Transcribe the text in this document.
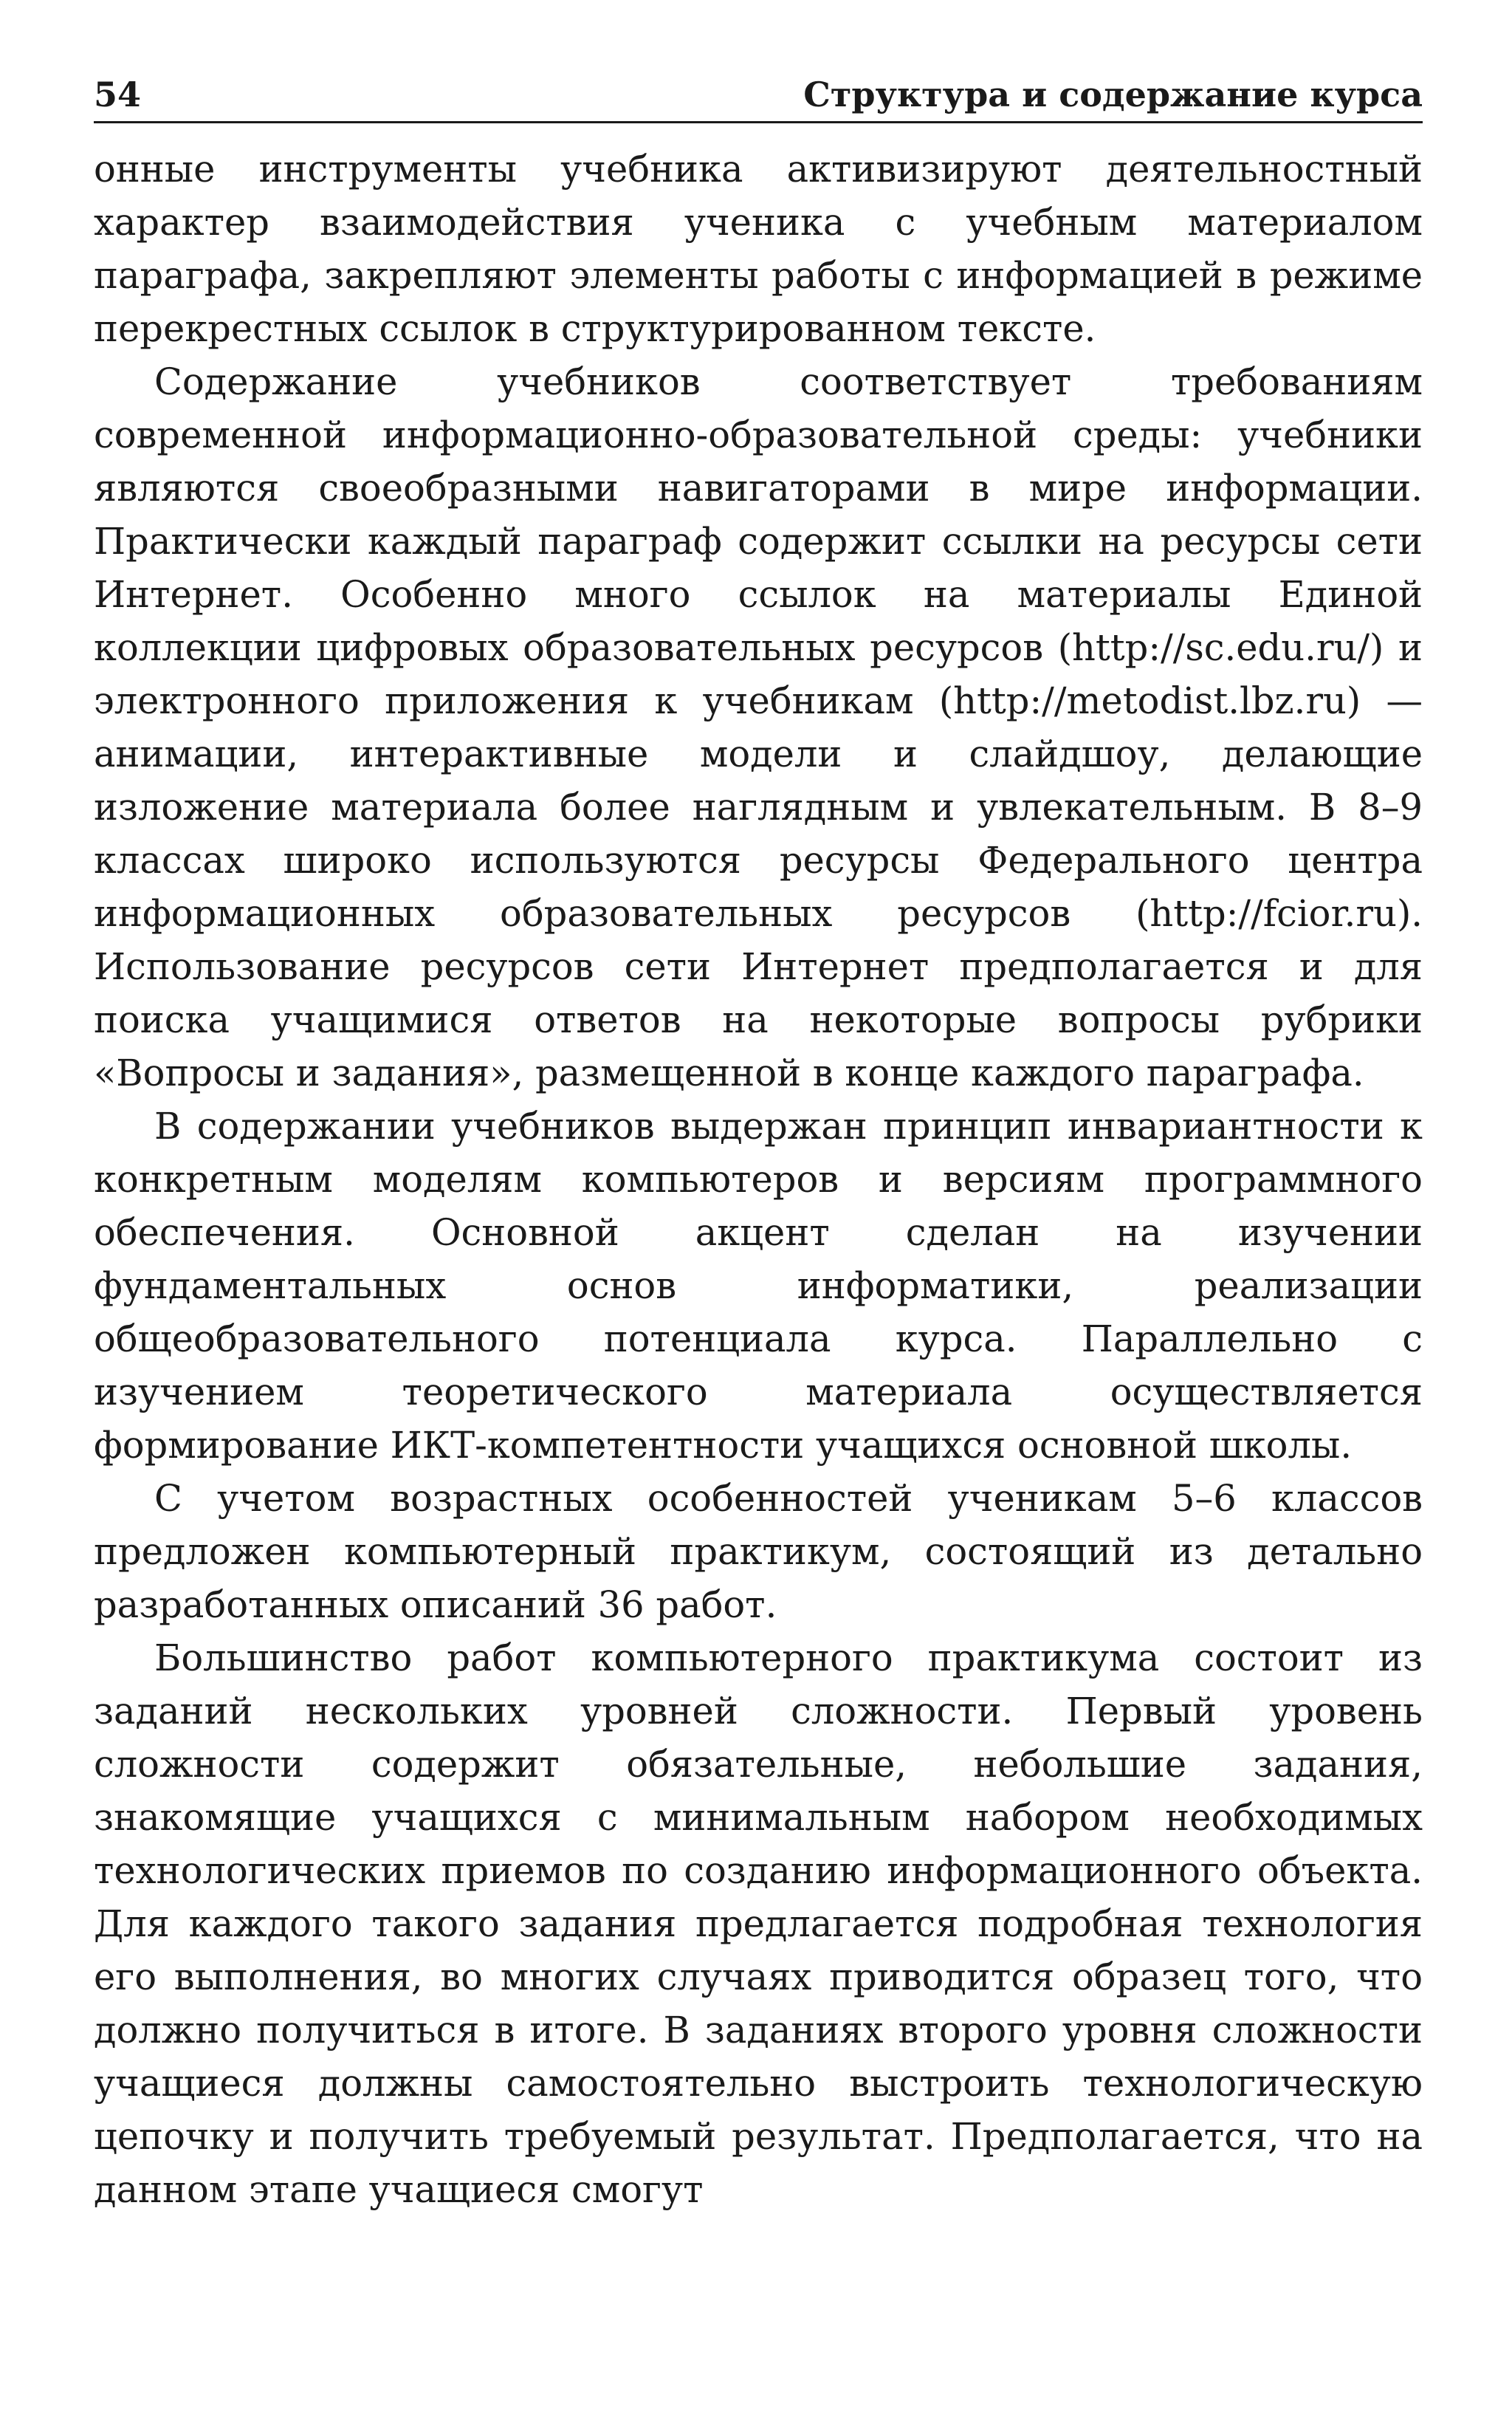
54	Структура и содержание курса

онные инструменты учебника активизируют деятельностный характер взаимодействия ученика с учебным материалом параграфа, закрепляют элементы работы с информацией в режиме перекрестных ссылок в структурированном тексте.

Содержание учебников соответствует требованиям современной информационно-образовательной среды: учебники являются своеобразными навигаторами в мире информации. Практически каждый параграф содержит ссылки на ресурсы сети Интернет. Особенно много ссылок на материалы Единой коллекции цифровых образовательных ресурсов (http://sc.edu.ru/) и электронного приложения к учебникам (http://metodist.lbz.ru) — анимации, интерактивные модели и слайдшоу, делающие изложение материала более наглядным и увлекательным. В 8–9 классах широко используются ресурсы Федерального центра информационных образовательных ресурсов (http://fcior.ru). Использование ресурсов сети Интернет предполагается и для поиска учащимися ответов на некоторые вопросы рубрики «Вопросы и задания», размещенной в конце каждого параграфа.

В содержании учебников выдержан принцип инвариантности к конкретным моделям компьютеров и версиям программного обеспечения. Основной акцент сделан на изучении фундаментальных основ информатики, реализации общеобразовательного потенциала курса. Параллельно с изучением теоретического материала осуществляется формирование ИКТ-компетентности учащихся основной школы.

С учетом возрастных особенностей ученикам 5–6 классов предложен компьютерный практикум, состоящий из детально разработанных описаний 36 работ.

Большинство работ компьютерного практикума состоит из заданий нескольких уровней сложности. Первый уровень сложности содержит обязательные, небольшие задания, знакомящие учащихся с минимальным набором необходимых технологических приемов по созданию информационного объекта. Для каждого такого задания предлагается подробная технология его выполнения, во многих случаях приводится образец того, что должно получиться в итоге. В заданиях второго уровня сложности учащиеся должны самостоятельно выстроить технологическую цепочку и получить требуемый результат. Предполагается, что на данном этапе учащиеся смогут
